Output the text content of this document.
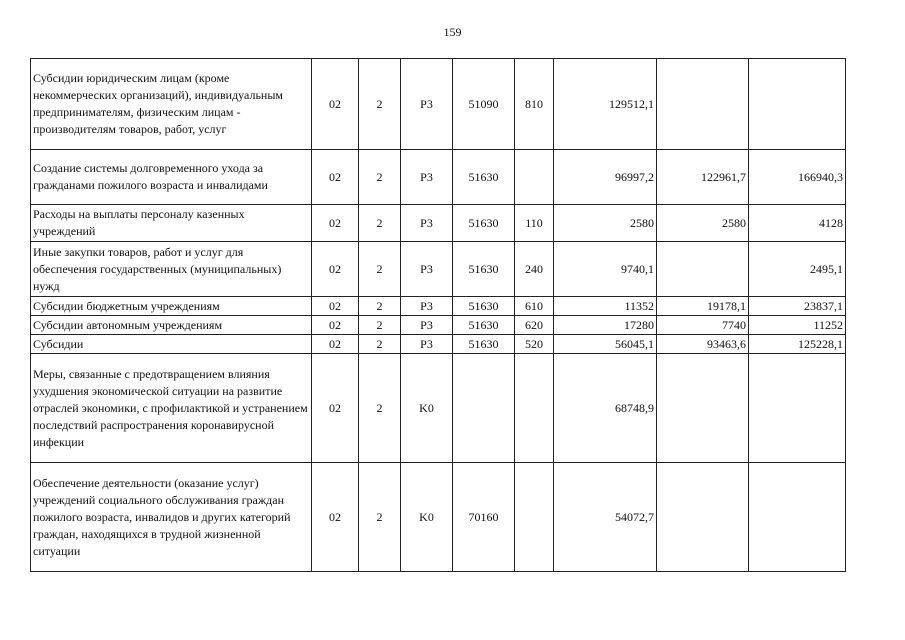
159
Субсидии юридическим лицам (кроме некоммерческих организаций), индивидуальным предпринимателям, физическим лицам - производителям товаров, работ, услуг	02	2	P3	51090	810	129512,1		
Создание системы долговременного ухода за гражданами пожилого возраста и инвалидами	02	2	P3	51630		96997,2	122961,7	166940,3
Расходы на выплаты персоналу казенных учреждений	02	2	P3	51630	110	2580	2580	4128
Иные закупки товаров, работ и услуг для обеспечения государственных (муниципальных) нужд	02	2	P3	51630	240	9740,1		2495,1
Субсидии бюджетным учреждениям	02	2	P3	51630	610	11352	19178,1	23837,1
Субсидии автономным учреждениям	02	2	P3	51630	620	17280	7740	11252
Субсидии	02	2	P3	51630	520	56045,1	93463,6	125228,1
Меры, связанные с предотвращением влияния ухудшения экономической ситуации на развитие отраслей экономики, с профилактикой и устранением последствий распространения коронавирусной инфекции	02	2	K0			68748,9		
Обеспечение деятельности (оказание услуг) учреждений социального обслуживания граждан пожилого возраста, инвалидов и других категорий граждан, находящихся в трудной жизненной ситуации	02	2	K0	70160		54072,7		
